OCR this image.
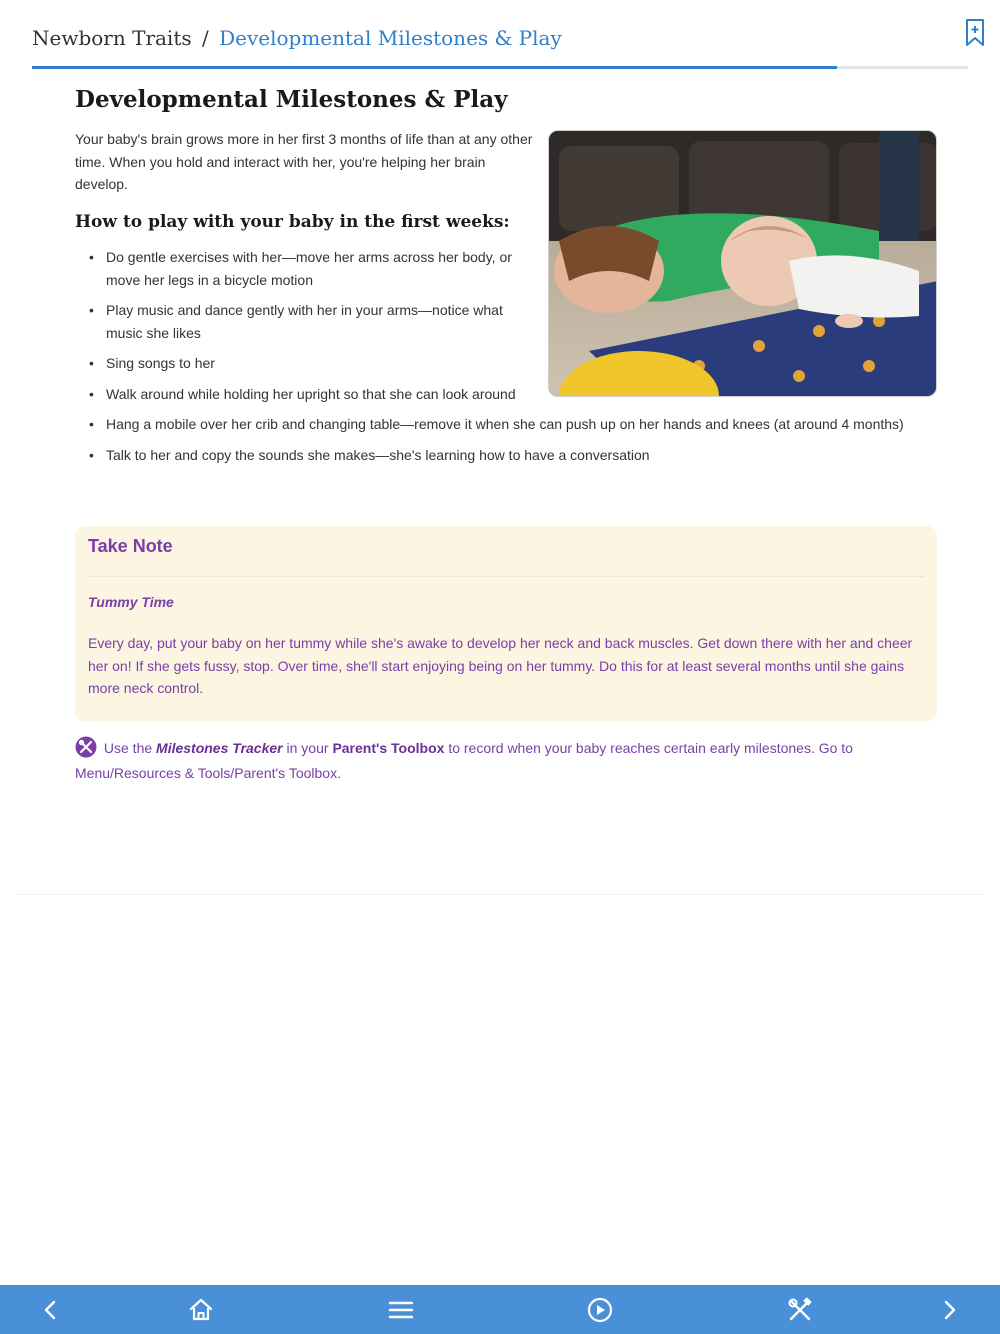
Newborn Traits / Developmental Milestones & Play
Developmental Milestones & Play

Your baby's brain grows more in her first 3 months of life than at any other time. When you hold and interact with her, you're helping her brain develop.

How to play with your baby in the first weeks:
• Do gentle exercises with her—move her arms across her body, or move her legs in a bicycle motion
• Play music and dance gently with her in your arms—notice what music she likes
• Sing songs to her
• Walk around while holding her upright so that she can look around
• Hang a mobile over her crib and changing table—remove it when she can push up on her hands and knees (at around 4 months)
• Talk to her and copy the sounds she makes—she's learning how to have a conversation
Take Note
Tummy Time
Every day, put your baby on her tummy while she's awake to develop her neck and back muscles. Get down there with her and cheer her on! If she gets fussy, stop. Over time, she'll start enjoying being on her tummy. Do this for at least several months until she gains more neck control.

Use the Milestones Tracker in your Parent's Toolbox to record when your baby reaches certain early milestones. Go to Menu/Resources & Tools/Parent's Toolbox.
